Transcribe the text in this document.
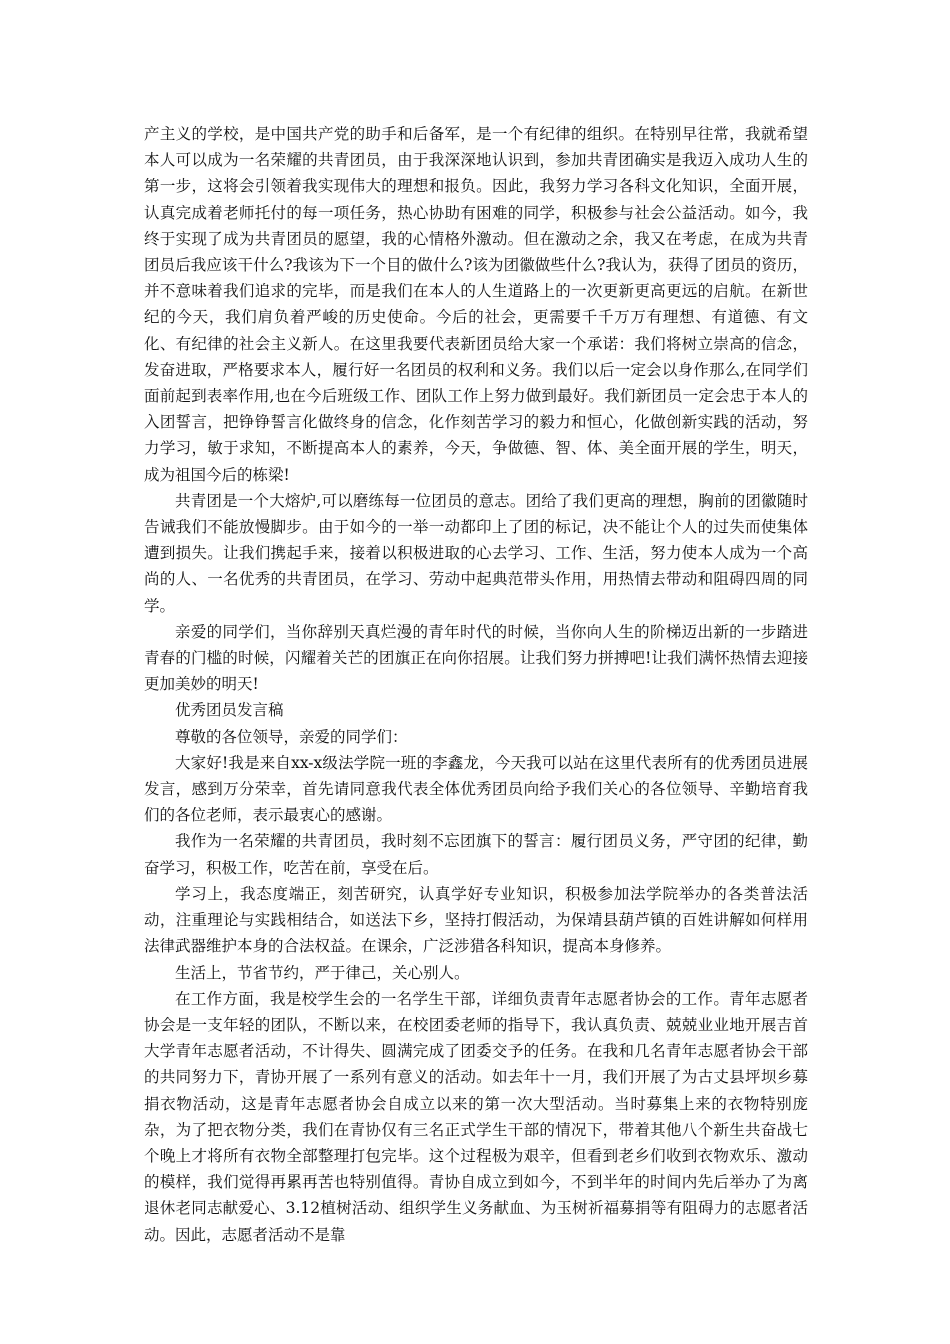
产主义的学校，是中国共产党的助手和后备军，是一个有纪律的组织。在特别早往常，我就希望本人可以成为一名荣耀的共青团员，由于我深深地认识到，参加共青团确实是我迈入成功人生的第一步，这将会引领着我实现伟大的理想和报负。因此，我努力学习各科文化知识，全面开展，认真完成着老师托付的每一项任务，热心协助有困难的同学，积极参与社会公益活动。如今，我终于实现了成为共青团员的愿望，我的心情格外激动。但在激动之余，我又在考虑，在成为共青团员后我应该干什么?我该为下一个目的做什么?该为团徽做些什么?我认为，获得了团员的资历，并不意味着我们追求的完毕，而是我们在本人的人生道路上的一次更新更高更远的启航。在新世纪的今天，我们肩负着严峻的历史使命。今后的社会，更需要千千万万有理想、有道德、有文化、有纪律的社会主义新人。在这里我要代表新团员给大家一个承诺：我们将树立崇高的信念，发奋进取，严格要求本人，履行好一名团员的权利和义务。我们以后一定会以身作那么,在同学们面前起到表率作用,也在今后班级工作、团队工作上努力做到最好。我们新团员一定会忠于本人的入团誓言，把铮铮誓言化做终身的信念，化作刻苦学习的毅力和恒心，化做创新实践的活动，努力学习，敏于求知，不断提高本人的素养，今天，争做德、智、体、美全面开展的学生，明天，成为祖国今后的栋梁!

共青团是一个大熔炉,可以磨练每一位团员的意志。团给了我们更高的理想，胸前的团徽随时告诫我们不能放慢脚步。由于如今的一举一动都印上了团的标记，决不能让个人的过失而使集体遭到损失。让我们携起手来，接着以积极进取的心去学习、工作、生活，努力使本人成为一个高尚的人、一名优秀的共青团员，在学习、劳动中起典范带头作用，用热情去带动和阻碍四周的同学。

亲爱的同学们，当你辞别天真烂漫的青年时代的时候，当你向人生的阶梯迈出新的一步踏进青春的门槛的时候，闪耀着关芒的团旗正在向你招展。让我们努力拼搏吧!让我们满怀热情去迎接更加美妙的明天!

优秀团员发言稿

尊敬的各位领导，亲爱的同学们：

大家好!我是来自xx-x级法学院一班的李鑫龙，今天我可以站在这里代表所有的优秀团员进展发言，感到万分荣幸，首先请同意我代表全体优秀团员向给予我们关心的各位领导、辛勤培育我们的各位老师，表示最衷心的感谢。

我作为一名荣耀的共青团员，我时刻不忘团旗下的誓言：履行团员义务，严守团的纪律，勤奋学习，积极工作，吃苦在前，享受在后。

学习上，我态度端正，刻苦研究，认真学好专业知识，积极参加法学院举办的各类普法活动，注重理论与实践相结合，如送法下乡，坚持打假活动，为保靖县葫芦镇的百姓讲解如何样用法律武器维护本身的合法权益。在课余，广泛涉猎各科知识，提高本身修养。

生活上，节省节约，严于律己，关心别人。

在工作方面，我是校学生会的一名学生干部，详细负责青年志愿者协会的工作。青年志愿者协会是一支年轻的团队，不断以来，在校团委老师的指导下，我认真负责、兢兢业业地开展吉首大学青年志愿者活动，不计得失、圆满完成了团委交予的任务。在我和几名青年志愿者协会干部的共同努力下，青协开展了一系列有意义的活动。如去年十一月，我们开展了为古丈县坪坝乡募捐衣物活动，这是青年志愿者协会自成立以来的第一次大型活动。当时募集上来的衣物特别庞杂，为了把衣物分类，我们在青协仅有三名正式学生干部的情况下，带着其他八个新生共奋战七个晚上才将所有衣物全部整理打包完毕。这个过程极为艰辛，但看到老乡们收到衣物欢乐、激动的模样，我们觉得再累再苦也特别值得。青协自成立到如今，不到半年的时间内先后举办了为离退休老同志献爱心、3.12植树活动、组织学生义务献血、为玉树祈福募捐等有阻碍力的志愿者活动。因此，志愿者活动不是靠
